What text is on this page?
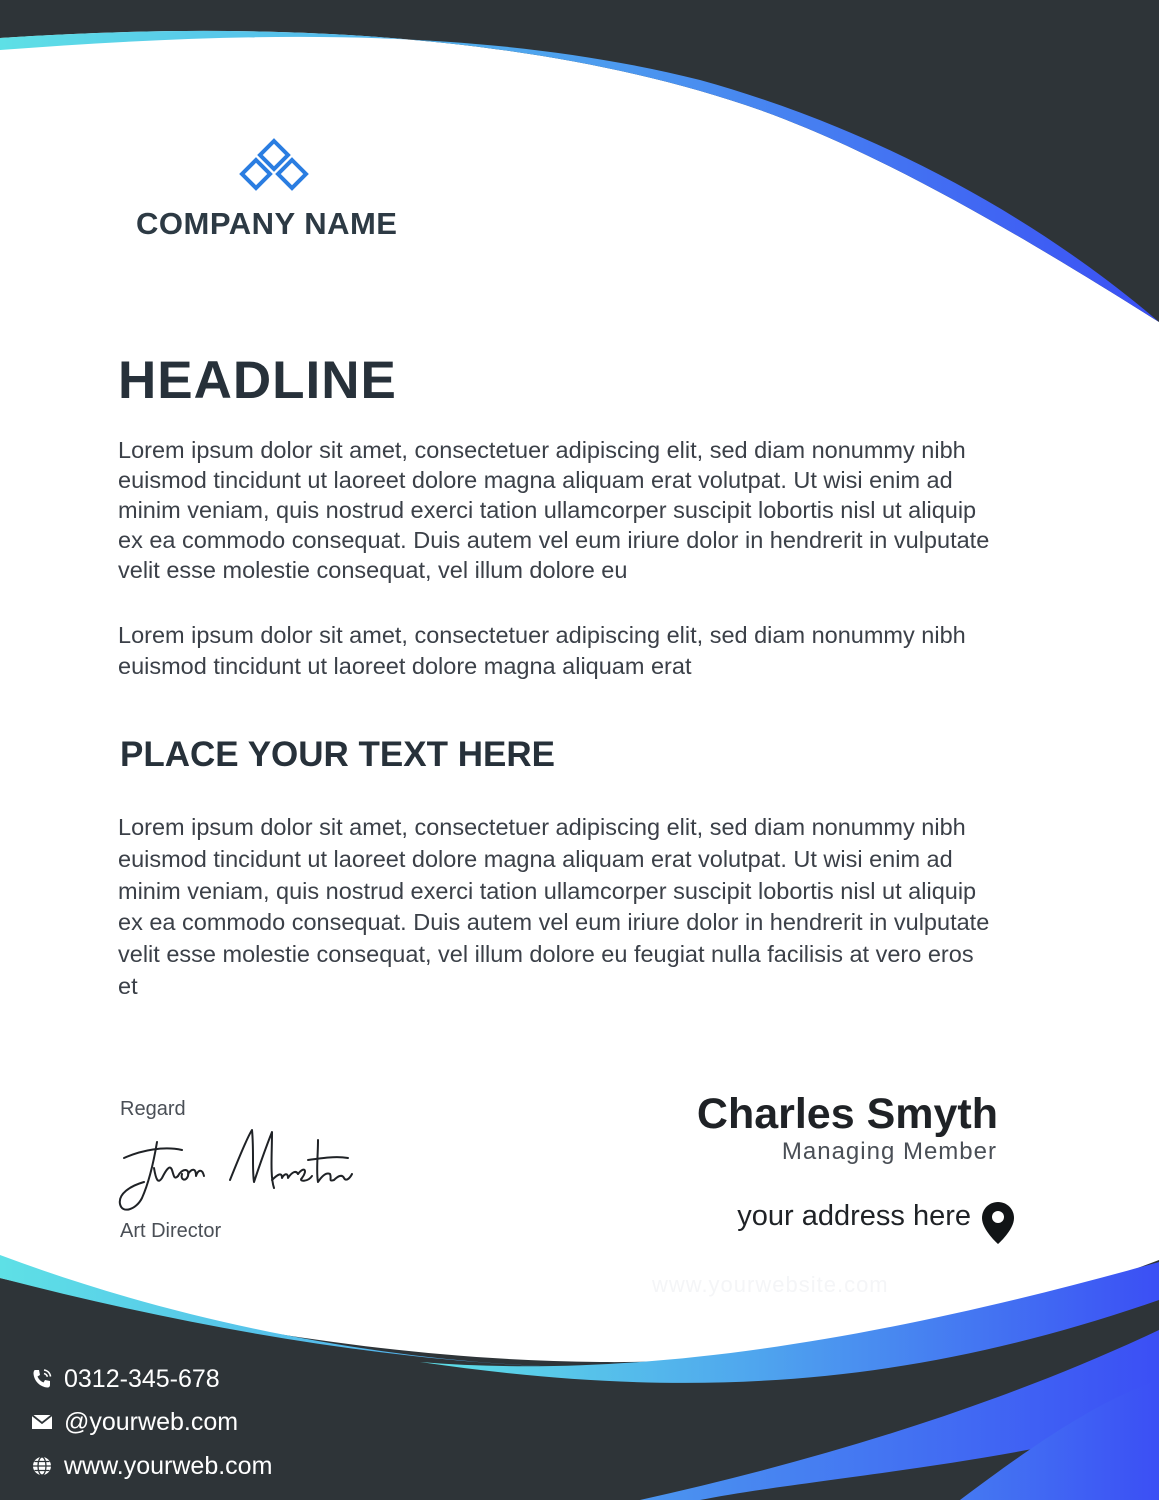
COMPANY NAME
HEADLINE

Lorem ipsum dolor sit amet, consectetuer adipiscing elit, sed diam nonummy nibh euismod tincidunt ut laoreet dolore magna aliquam erat volutpat. Ut wisi enim ad minim veniam, quis nostrud exerci tation ullamcorper suscipit lobortis nisl ut aliquip ex ea commodo consequat. Duis autem vel eum iriure dolor in hendrerit in vulputate velit esse molestie consequat, vel illum dolore eu

Lorem ipsum dolor sit amet, consectetuer adipiscing elit, sed diam nonummy nibh euismod tincidunt ut laoreet dolore magna aliquam erat

PLACE YOUR TEXT HERE

Lorem ipsum dolor sit amet, consectetuer adipiscing elit, sed diam nonummy nibh euismod tincidunt ut laoreet dolore magna aliquam erat volutpat. Ut wisi enim ad minim veniam, quis nostrud exerci tation ullamcorper suscipit lobortis nisl ut aliquip ex ea commodo consequat. Duis autem vel eum iriure dolor in hendrerit in vulputate velit esse molestie consequat, vel illum dolore eu feugiat nulla facilisis at vero eros et

Regard
Art Director
Charles Smyth
Managing Member
your address here
www.yourwebsite.com
0312-345-678
@yourweb.com
www.yourweb.com
